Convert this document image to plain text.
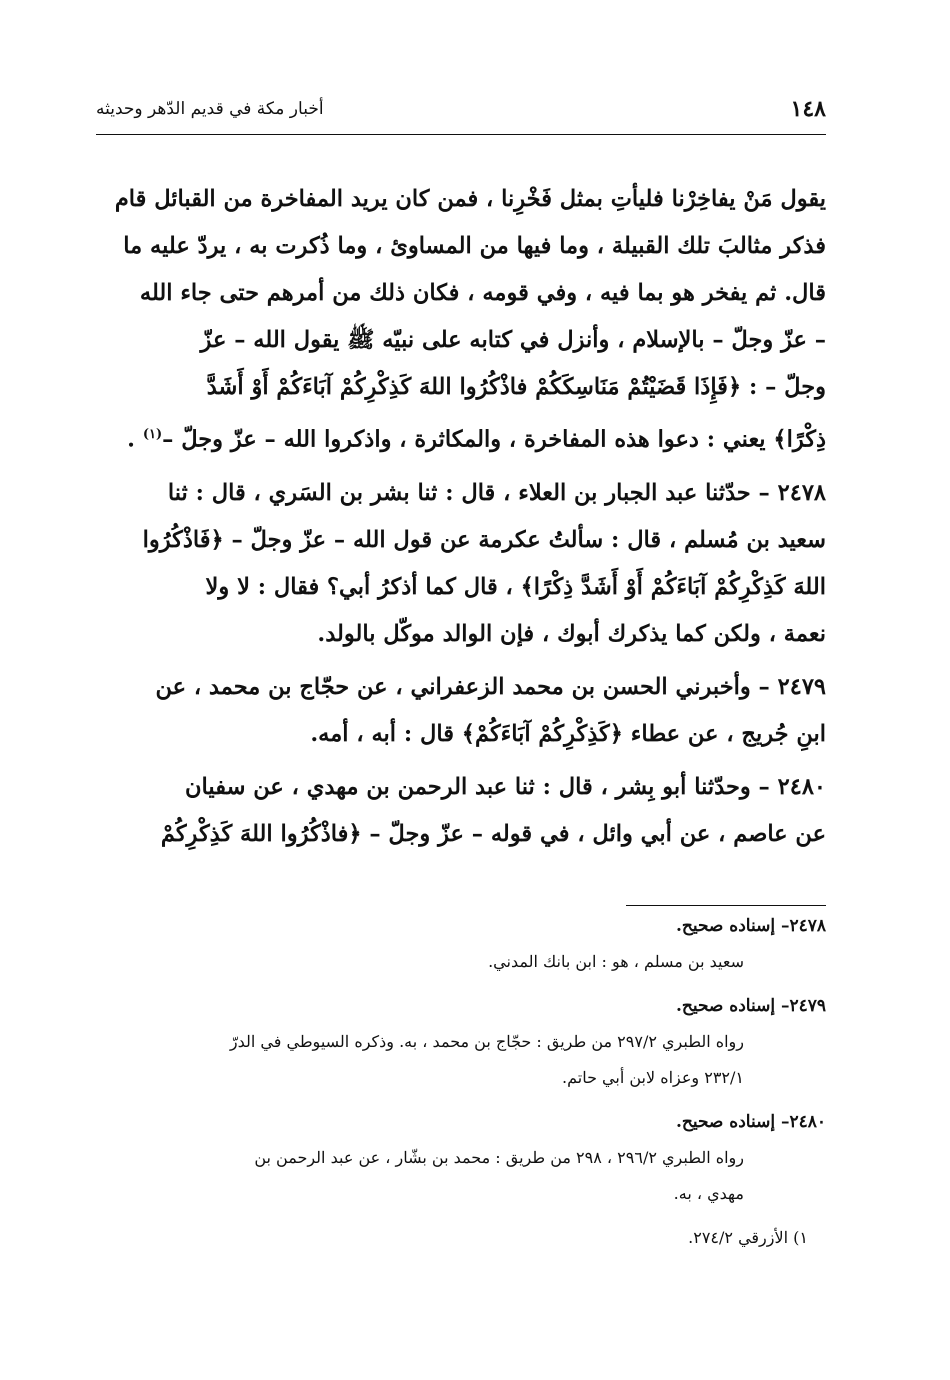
١٤٨
أخبار مكة في قديم الدّهر وحديثه
يقول مَنْ يفاخِرْنا فليأتِ بمثل فَخْرِنا ، فمن كان يريد المفاخرة من القبائل قام
فذكر مثالبَ تلك القبيلة ، وما فيها من المساوئ ، وما ذُكرت به ، يردّ عليه ما
قال. ثم يفخر هو بما فيه ، وفي قومه ، فكان ذلك من أمرهم حتى جاء الله
– عزّ وجلّ – بالإسلام ، وأنزل في كتابه على نبيّه ﷺ يقول الله – عزّ
وجلّ – : ﴿فَإِذَا قَضَيْتُمْ مَنَاسِكَكُمْ فاذْكُرُوا اللهَ كَذِكْرِكُمْ آبَاءَكُمْ أَوْ أَشَدَّ
ذِكْرًا﴾ يعني : دعوا هذه المفاخرة ، والمكاثرة ، واذكروا الله – عزّ وجلّ –$^{(١)}$ .
٢٤٧٨ – حدّثنا عبد الجبار بن العلاء ، قال : ثنا بشر بن السَري ، قال : ثنا
سعيد بن مُسلم ، قال : سألتُ عكرمة عن قول الله – عزّ وجلّ – ﴿فَاذْكُرُوا
اللهَ كَذِكْرِكُمْ آبَاءَكُمْ أَوْ أَشَدَّ ذِكْرًا﴾ ، قال كما أذكرُ أبي؟ فقال : لا ولا
نعمة ، ولكن كما يذكرك أبوك ، فإن الوالد موكّل بالولد.
٢٤٧٩ – وأخبرني الحسن بن محمد الزعفراني ، عن حجّاج بن محمد ، عن
ابنِ جُريج ، عن عطاء ﴿كَذِكْرِكُمْ آبَاءَكُمْ﴾ قال : أبه ، أمه.
٢٤٨٠ – وحدّثنا أبو بِشر ، قال : ثنا عبد الرحمن بن مهدي ، عن سفيان
عن عاصم ، عن أبي وائل ، في قوله – عزّ وجلّ – ﴿فاذْكُرُوا اللهَ كَذِكْرِكُمْ
٢٤٧٨– إسناده صحيح.
سعيد بن مسلم ، هو : ابن بانك المدني.
٢٤٧٩– إسناده صحيح.
رواه الطبري ٢٩٧/٢ من طريق : حجّاج بن محمد ، به. وذكره السيوطي في الدرّ
٢٣٢/١ وعزاه لابن أبي حاتم.
٢٤٨٠– إسناده صحيح.
رواه الطبري ٢٩٦/٢ ، ٢٩٨ من طريق : محمد بن بشّار ، عن عبد الرحمن بن
مهدي ، به.
١) الأزرقي ٢٧٤/٢.
